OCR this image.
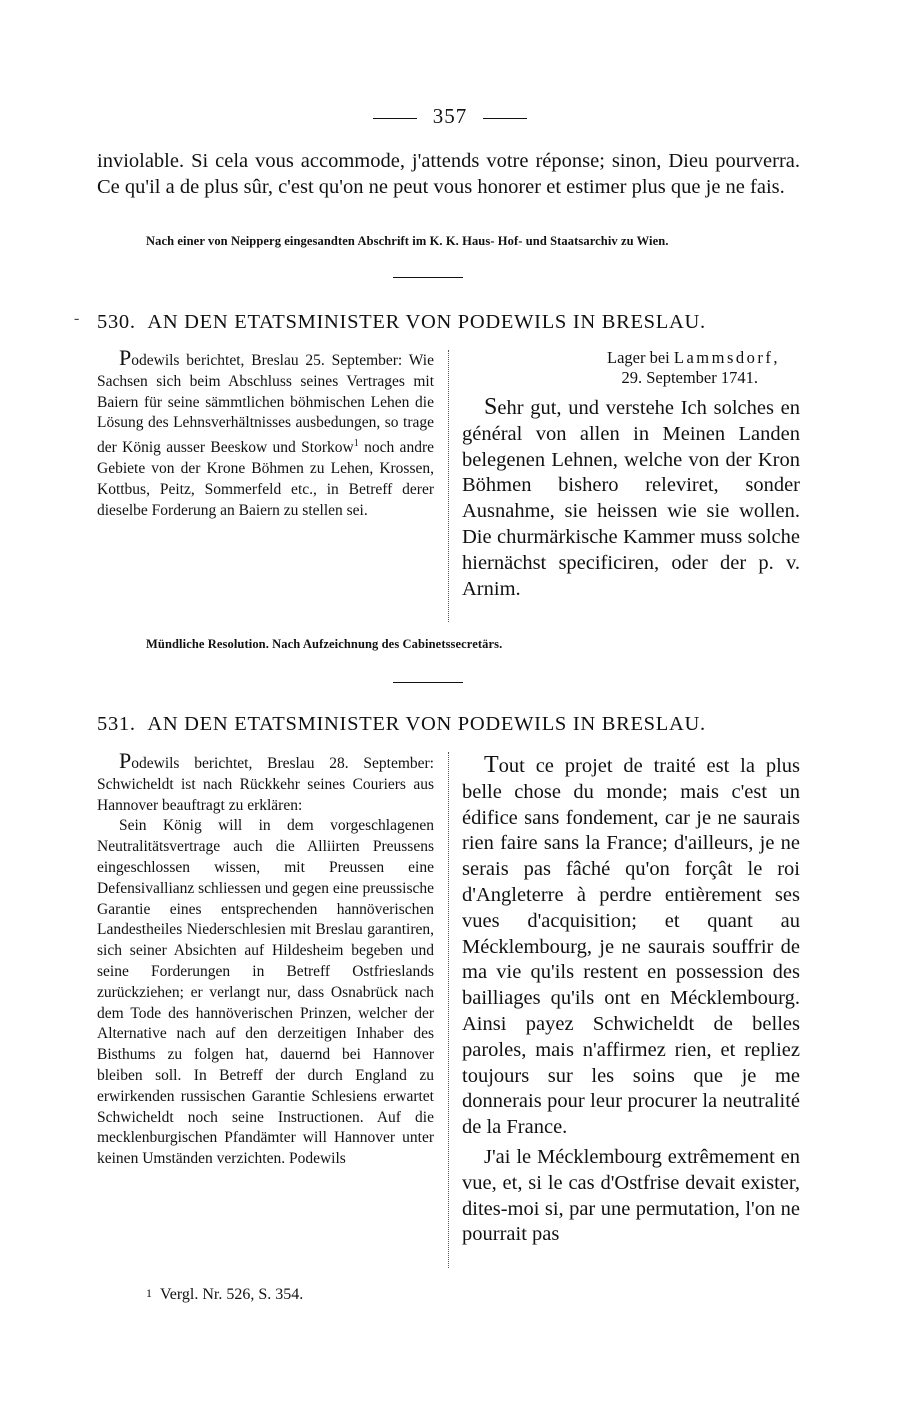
357
inviolable. Si cela vous accommode, j'attends votre réponse; sinon, Dieu pourverra. Ce qu'il a de plus sûr, c'est qu'on ne peut vous honorer et estimer plus que je ne fais.
Nach einer von Neipperg eingesandten Abschrift im K. K. Haus- Hof- und Staatsarchiv zu Wien.
- 530. AN DEN ETATSMINISTER VON PODEWILS IN BRESLAU.

Podewils berichtet, Breslau 25. September: Wie Sachsen sich beim Abschluss seines Vertrages mit Baiern für seine sämmtlichen böhmischen Lehen die Lösung des Lehnsverhältnisses ausbedungen, so trage der König ausser Beeskow und Storkow$^1$ noch andre Gebiete von der Krone Böhmen zu Lehen, Krossen, Kottbus, Peitz, Sommerfeld etc., in Betreff derer dieselbe Forderung an Baiern zu stellen sei.

Lager bei Lammsdorf,
29. September 1741.

Sehr gut, und verstehe Ich solches en général von allen in Meinen Landen belegenen Lehnen, welche von der Kron Böhmen bishero releviret, sonder Ausnahme, sie heissen wie sie wollen. Die churmärkische Kammer muss solche hiernächst specificiren, oder der p. v. Arnim.

Mündliche Resolution. Nach Aufzeichnung des Cabinetssecretärs.
531. AN DEN ETATSMINISTER VON PODEWILS IN BRESLAU.

Podewils berichtet, Breslau 28. September: Schwicheldt ist nach Rückkehr seines Couriers aus Hannover beauftragt zu erklären:

Sein König will in dem vorgeschlagenen Neutralitätsvertrage auch die Alliirten Preussens eingeschlossen wissen, mit Preussen eine Defensivallianz schliessen und gegen eine preussische Garantie eines entsprechenden hannöverischen Landestheiles Niederschlesien mit Breslau garantiren, sich seiner Absichten auf Hildesheim begeben und seine Forderungen in Betreff Ostfrieslands zurückziehen; er verlangt nur, dass Osnabrück nach dem Tode des hannöverischen Prinzen, welcher der Alternative nach auf den derzeitigen Inhaber des Bisthums zu folgen hat, dauernd bei Hannover bleiben soll. In Betreff der durch England zu erwirkenden russischen Garantie Schlesiens erwartet Schwicheldt noch seine Instructionen. Auf die mecklenburgischen Pfandämter will Hannover unter keinen Umständen verzichten. Podewils

Tout ce projet de traité est la plus belle chose du monde; mais c'est un édifice sans fondement, car je ne saurais rien faire sans la France; d'ailleurs, je ne serais pas fâché qu'on forçât le roi d'Angleterre à perdre entièrement ses vues d'acquisition; et quant au Mécklembourg, je ne saurais souffrir de ma vie qu'ils restent en possession des bailliages qu'ils ont en Mécklembourg. Ainsi payez Schwicheldt de belles paroles, mais n'affirmez rien, et repliez toujours sur les soins que je me donnerais pour leur procurer la neutralité de la France.

J'ai le Mécklembourg extrêmement en vue, et, si le cas d'Ostfrise devait exister, dites-moi si, par une permutation, l'on ne pourrait pas

1 Vergl. Nr. 526, S. 354.
